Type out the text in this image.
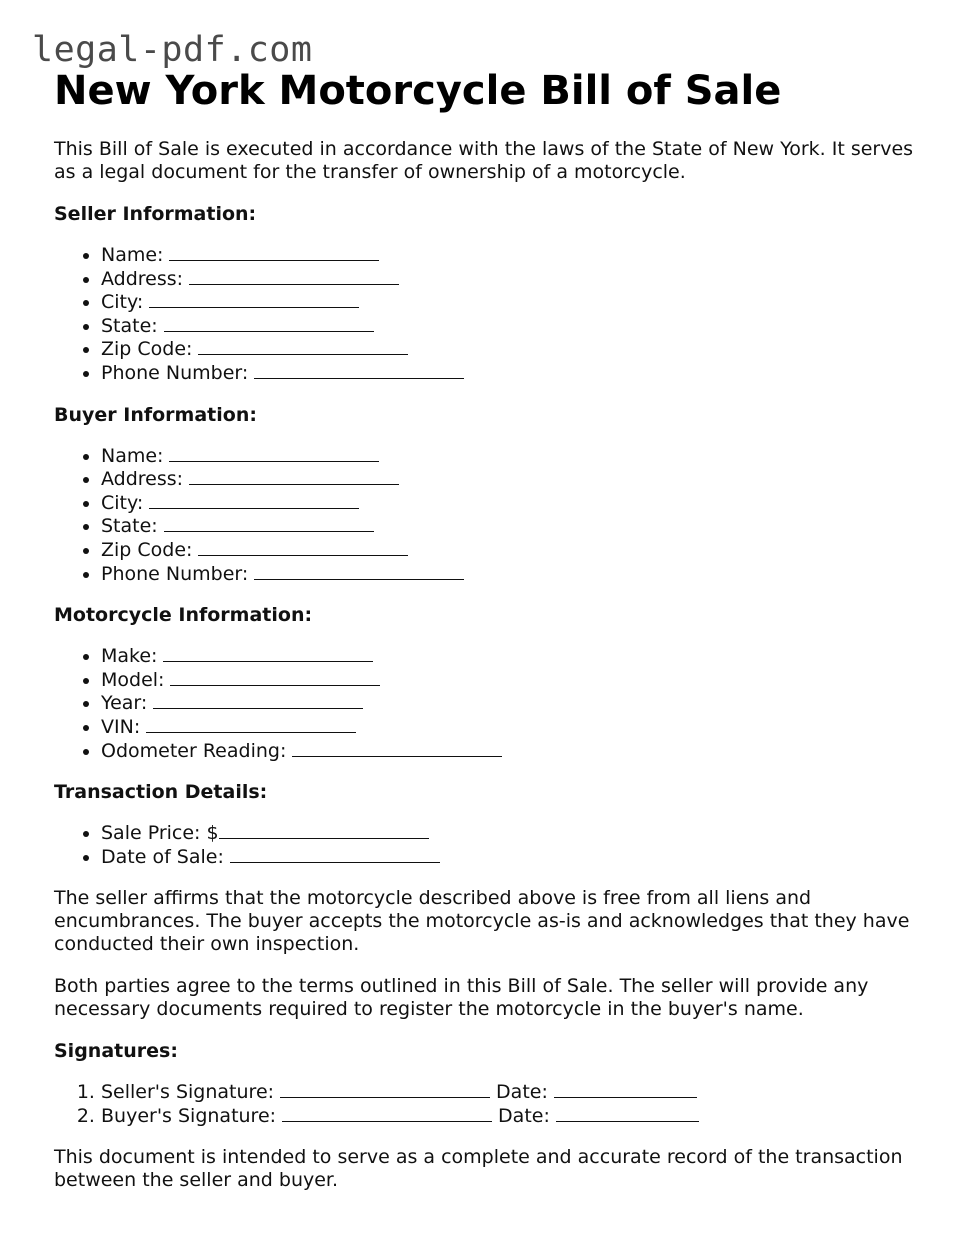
legal-pdf.com
New York Motorcycle Bill of Sale

This Bill of Sale is executed in accordance with the laws of the State of New York. It serves as a legal document for the transfer of ownership of a motorcycle.

Seller Information:
• Name:
• Address:
• City:
• State:
• Zip Code:
• Phone Number:
Buyer Information:
• Name:
• Address:
• City:
• State:
• Zip Code:
• Phone Number:
Motorcycle Information:
• Make:
• Model:
• Year:
• VIN:
• Odometer Reading:
Transaction Details:
• Sale Price: $
• Date of Sale:

The seller affirms that the motorcycle described above is free from all liens and encumbrances. The buyer accepts the motorcycle as-is and acknowledges that they have conducted their own inspection.

Both parties agree to the terms outlined in this Bill of Sale. The seller will provide any necessary documents required to register the motorcycle in the buyer's name.

Signatures:
1. Seller's Signature:	Date:
2. Buyer's Signature:	Date:

This document is intended to serve as a complete and accurate record of the transaction between the seller and buyer.
